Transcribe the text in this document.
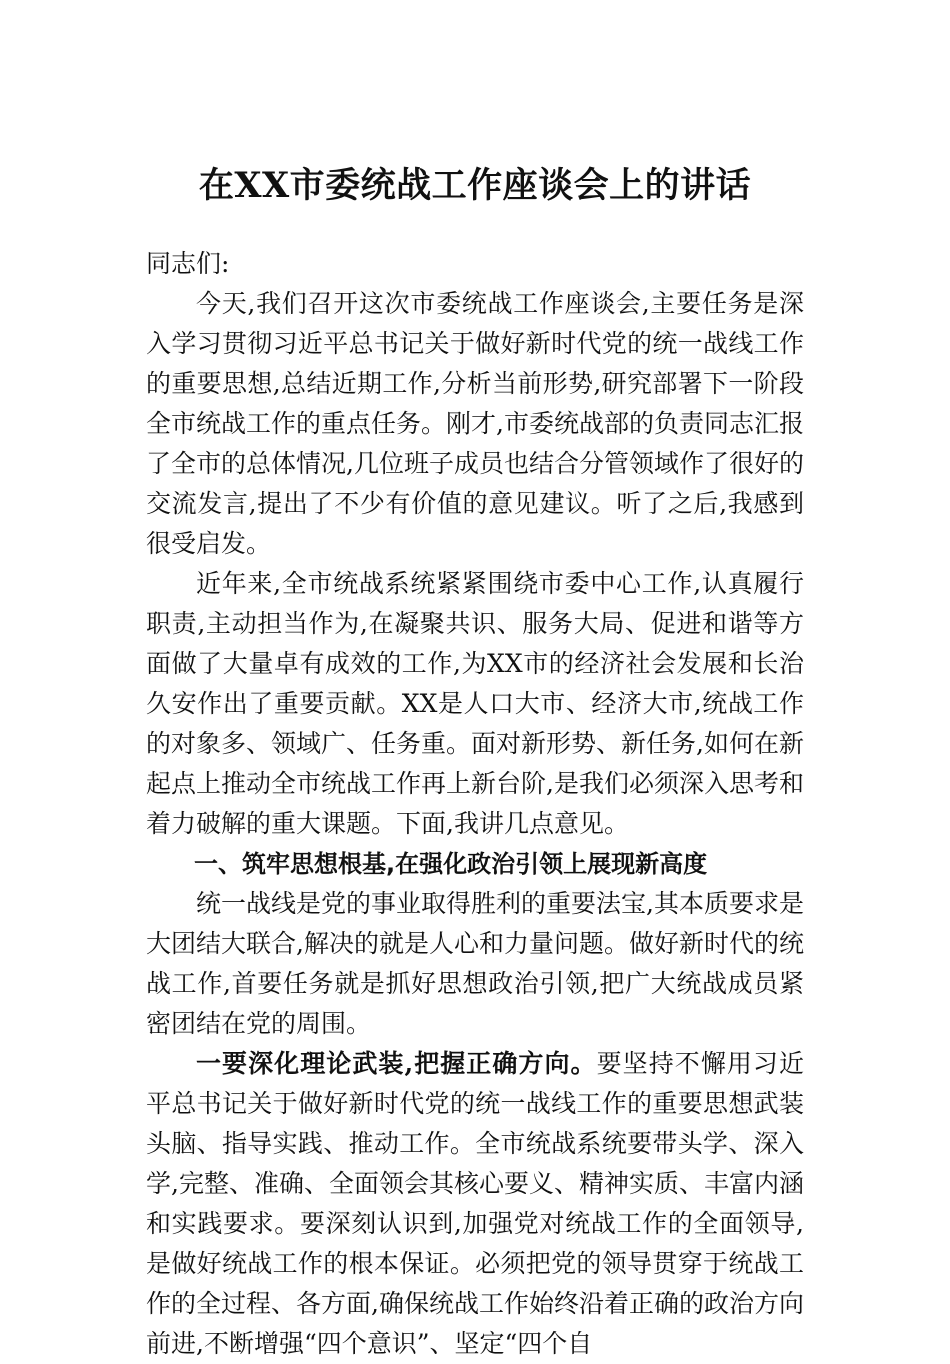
在XX市委统战工作座谈会上的讲话

同志们:

今天,我们召开这次市委统战工作座谈会,主要任务是深入学习贯彻习近平总书记关于做好新时代党的统一战线工作的重要思想,总结近期工作,分析当前形势,研究部署下一阶段全市统战工作的重点任务。刚才,市委统战部的负责同志汇报了全市的总体情况,几位班子成员也结合分管领域作了很好的交流发言,提出了不少有价值的意见建议。听了之后,我感到很受启发。

近年来,全市统战系统紧紧围绕市委中心工作,认真履行职责,主动担当作为,在凝聚共识、服务大局、促进和谐等方面做了大量卓有成效的工作,为XX市的经济社会发展和长治久安作出了重要贡献。XX是人口大市、经济大市,统战工作的对象多、领域广、任务重。面对新形势、新任务,如何在新起点上推动全市统战工作再上新台阶,是我们必须深入思考和着力破解的重大课题。下面,我讲几点意见。

一、筑牢思想根基,在强化政治引领上展现新高度

统一战线是党的事业取得胜利的重要法宝,其本质要求是大团结大联合,解决的就是人心和力量问题。做好新时代的统战工作,首要任务就是抓好思想政治引领,把广大统战成员紧密团结在党的周围。

一要深化理论武装,把握正确方向。要坚持不懈用习近平总书记关于做好新时代党的统一战线工作的重要思想武装头脑、指导实践、推动工作。全市统战系统要带头学、深入学,完整、准确、全面领会其核心要义、精神实质、丰富内涵和实践要求。要深刻认识到,加强党对统战工作的全面领导,是做好统战工作的根本保证。必须把党的领导贯穿于统战工作的全过程、各方面,确保统战工作始终沿着正确的政治方向前进,不断增强“四个意识”、坚定“四个自
